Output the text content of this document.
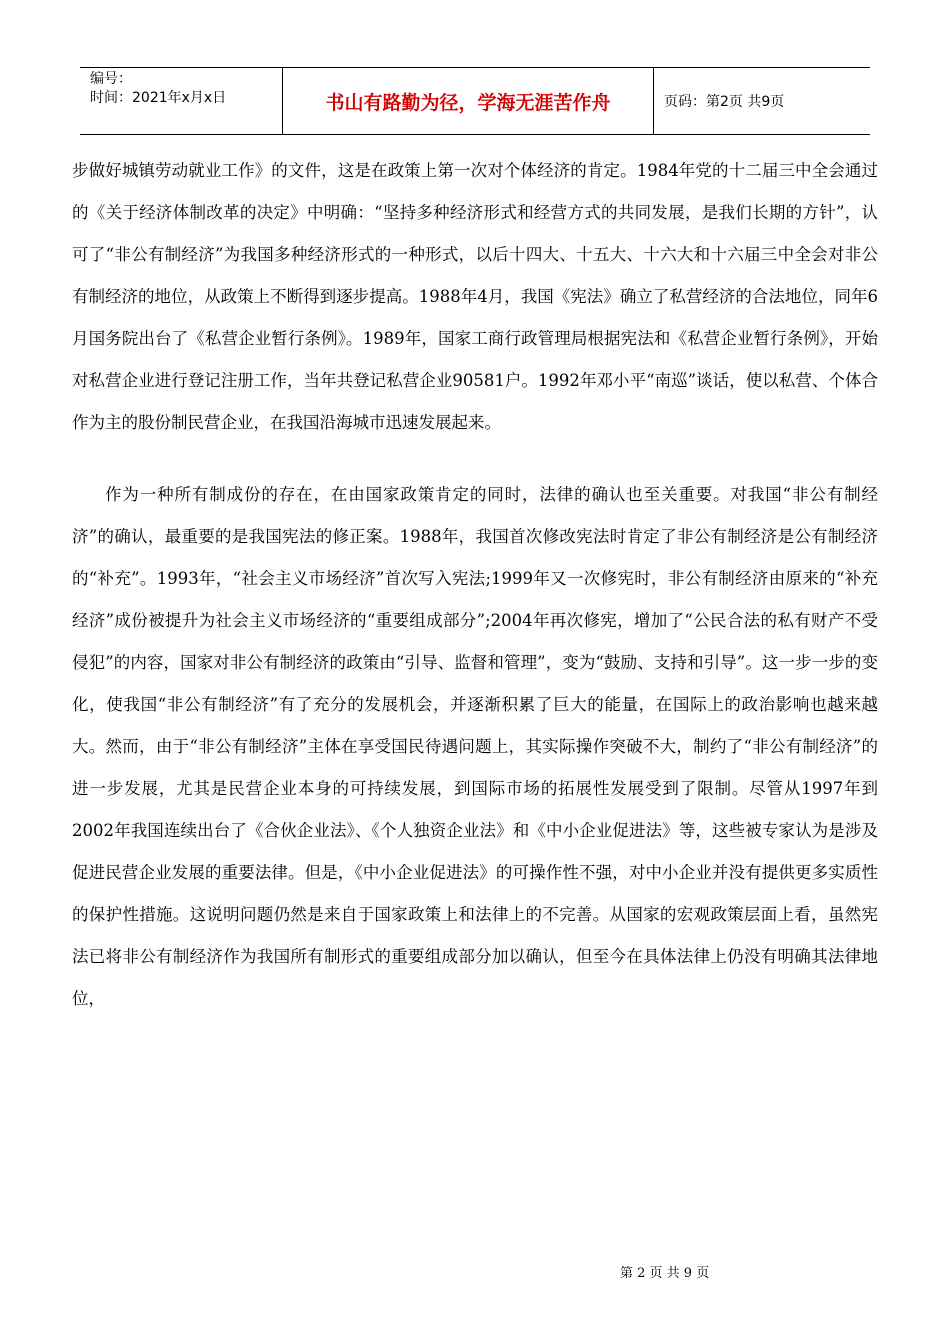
编号：
时间：2021年x月x日	书山有路勤为径，学海无涯苦作舟	页码：第2页 共9页

步做好城镇劳动就业工作》的文件，这是在政策上第一次对个体经济的肯定。1984年党的十二届三中全会通过的《关于经济体制改革的决定》中明确：“坚持多种经济形式和经营方式的共同发展，是我们长期的方针”，认可了“非公有制经济”为我国多种经济形式的一种形式，以后十四大、十五大、十六大和十六届三中全会对非公有制经济的地位，从政策上不断得到逐步提高。1988年4月，我国《宪法》确立了私营经济的合法地位，同年6月国务院出台了《私营企业暂行条例》。1989年，国家工商行政管理局根据宪法和《私营企业暂行条例》，开始对私营企业进行登记注册工作，当年共登记私营企业90581户。1992年邓小平“南巡”谈话，使以私营、个体合作为主的股份制民营企业，在我国沿海城市迅速发展起来。

作为一种所有制成份的存在，在由国家政策肯定的同时，法律的确认也至关重要。对我国“非公有制经济”的确认，最重要的是我国宪法的修正案。1988年，我国首次修改宪法时肯定了非公有制经济是公有制经济的“补充”。1993年，“社会主义市场经济”首次写入宪法;1999年又一次修宪时，非公有制经济由原来的“补充经济”成份被提升为社会主义市场经济的“重要组成部分”;2004年再次修宪，增加了“公民合法的私有财产不受侵犯”的内容，国家对非公有制经济的政策由“引导、监督和管理”，变为“鼓励、支持和引导”。这一步一步的变化，使我国“非公有制经济”有了充分的发展机会，并逐渐积累了巨大的能量，在国际上的政治影响也越来越大。然而，由于“非公有制经济”主体在享受国民待遇问题上，其实际操作突破不大，制约了“非公有制经济”的进一步发展，尤其是民营企业本身的可持续发展，到国际市场的拓展性发展受到了限制。尽管从1997年到2002年我国连续出台了《合伙企业法》、《个人独资企业法》和《中小企业促进法》等，这些被专家认为是涉及促进民营企业发展的重要法律。但是，《中小企业促进法》的可操作性不强，对中小企业并没有提供更多实质性的保护性措施。这说明问题仍然是来自于国家政策上和法律上的不完善。从国家的宏观政策层面上看，虽然宪法已将非公有制经济作为我国所有制形式的重要组成部分加以确认，但至今在具体法律上仍没有明确其法律地位，

第 2 页 共 9 页
